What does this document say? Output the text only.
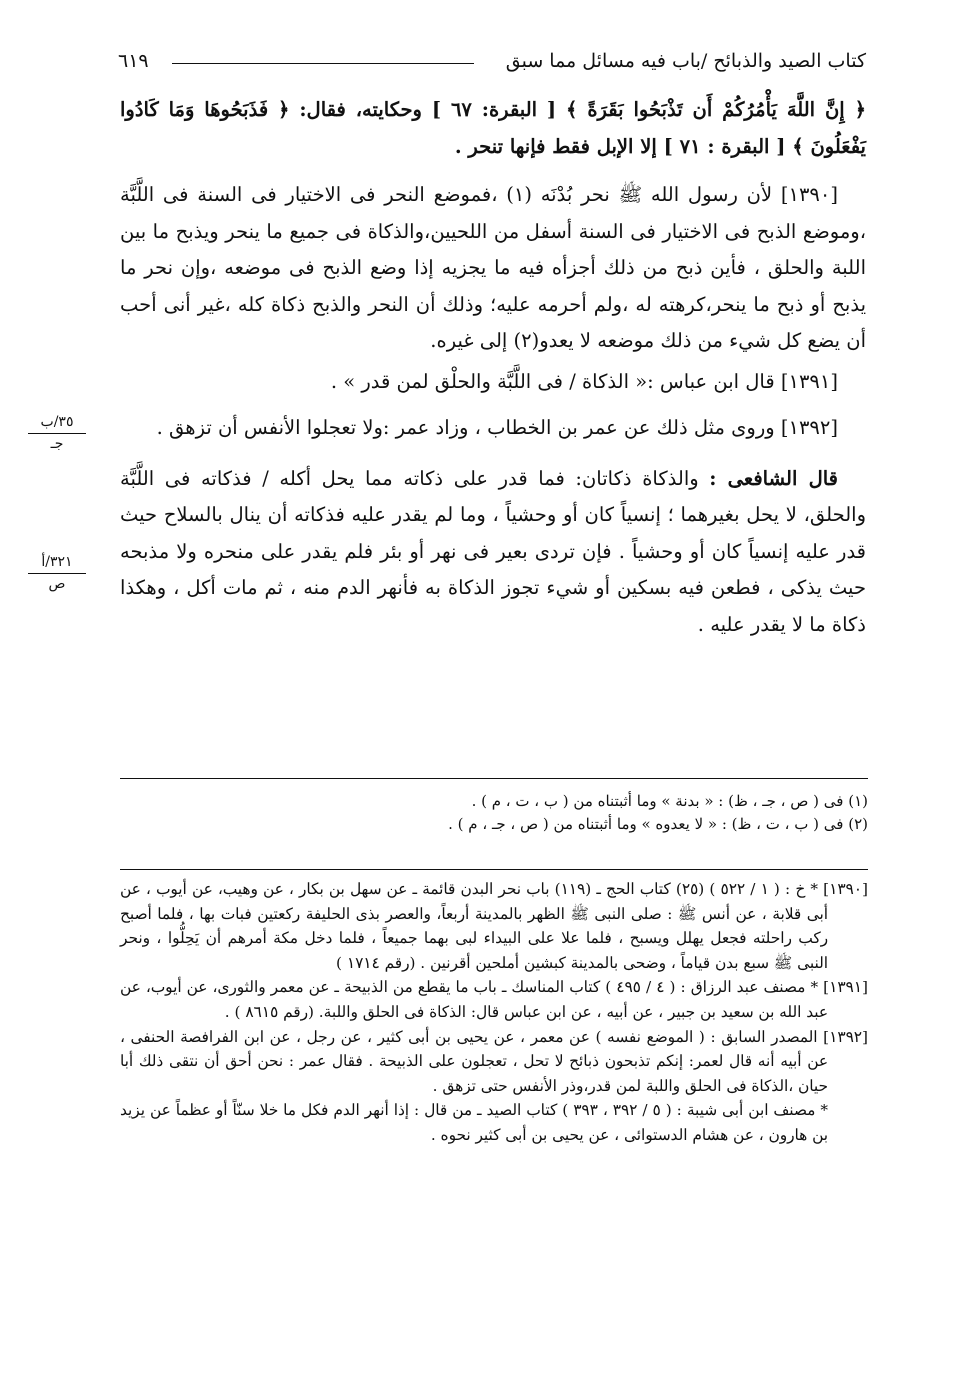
كتاب الصيد والذبائح /باب فيه مسائل مما سبق
٦١٩
٣٥/ب
جـ
٣٢١/أ
ص

﴿ إِنَّ اللَّهَ يَأْمُرُكُمْ أَن تَذْبَحُوا بَقَرَةً ﴾ [ البقرة: ٦٧ ] وحكايته، فقال: ﴿ فَذَبَحُوهَا وَمَا كَادُوا يَفْعَلُونَ ﴾ [ البقرة : ٧١ ] إلا الإبل فقط فإنها تنحر .

[١٣٩٠] لأن رسول الله ﷺ نحر بُدْنَه (١) ،فموضع النحر فى الاختيار فى السنة فى اللَّبَّة ،وموضع الذبح فى الاختيار فى السنة أسفل من اللحيين،والذكاة فى جميع ما ينحر ويذبح ما بين اللبة والحلق ، فأين ذبح من ذلك أجزأه فيه ما يجزيه إذا وضع الذبح فى موضعه ،وإن نحر ما يذبح أو ذبح ما ينحر،كرهته له ،ولم أحرمه عليه؛ وذلك أن النحر والذبح ذكاة كله ،غير أنى أحب أن يضع كل شيء من ذلك موضعه لا يعدو(٢) إلى غيره.

[١٣٩١] قال ابن عباس :« الذكاة / فى اللَّبَّة والحلْق لمن قدر » .

[١٣٩٢] وروى مثل ذلك عن عمر بن الخطاب ، وزاد عمر :ولا تعجلوا الأنفس أن تزهق .

قال الشافعى : والذكاة ذكاتان: فما قدر على ذكاته مما يحل أكله / فذكاته فى اللَّبَّة والحلق، لا يحل بغيرهما ؛ إنسياً كان أو وحشياً ، وما لم يقدر عليه فذكاته أن ينال بالسلاح حيث قدر عليه إنسياً كان أو وحشياً . فإن تردى بعير فى نهر أو بئر فلم يقدر على منحره ولا مذبحه حيث يذكى ، فطعن فيه بسكين أو شيء تجوز الذكاة به فأنهر الدم منه ، ثم مات أكل ، وهكذا ذكاة ما لا يقدر عليه .

(١) فى ( ص ، جـ ، ظ) : « بدنة » وما أثبتناه من ( ب ، ت ، م ) .

(٢) فى ( ب ، ت ، ظ) : « لا يعدوه » وما أثبتناه من ( ص ، جـ ، م ) .

[١٣٩٠] * خ : ( ١ / ٥٢٢ ) (٢٥) كتاب الحج ـ (١١٩) باب نحر البدن قائمة ـ عن سهل بن بكار ، عن وهيب، عن أيوب ، عن أبى قلابة ، عن أنس ﷺ : صلى النبى ﷺ الظهر بالمدينة أربعاً، والعصر بذى الحليفة ركعتين فبات بها ، فلما أصبح ركب راحلته فجعل يهلل ويسبح ، فلما علا على البيداء لبى بهما جميعاً ، فلما دخل مكة أمرهم أن يَحِلُّوا ، ونحر النبى ﷺ سبع بدن قياماً ، وضحى بالمدينة كبشين أملحين أقرنين . (رقم ١٧١٤ )

[١٣٩١] * مصنف عبد الرزاق : ( ٤ / ٤٩٥ ) كتاب المناسك ـ باب ما يقطع من الذبيحة ـ عن معمر والثورى، عن أيوب، عن عبد الله بن سعيد بن جبير ، عن أبيه ، عن ابن عباس قال: الذكاة فى الحلق واللبة. (رقم ٨٦١٥ ) .

[١٣٩٢] المصدر السابق : ( الموضع نفسه ) عن معمر ، عن يحيى بن أبى كثير ، عن رجل ، عن ابن الفرافصة الحنفى ، عن أبيه أنه قال لعمر: إنكم تذبحون ذبائح لا تحل ، تعجلون على الذبيحة . فقال عمر : نحن أحق أن نتقى ذلك أبا حيان ،الذكاة فى الحلق واللبة لمن قدر،وذر الأنفس حتى تزهق .

* مصنف ابن أبى شيبة : ( ٥ / ٣٩٢ ، ٣٩٣ ) كتاب الصيد ـ من قال : إذا أنهر الدم فكل ما خلا سنّاً أو عظماً عن يزيد بن هارون ، عن هشام الدستوائى ، عن يحيى بن أبى كثير نحوه .
